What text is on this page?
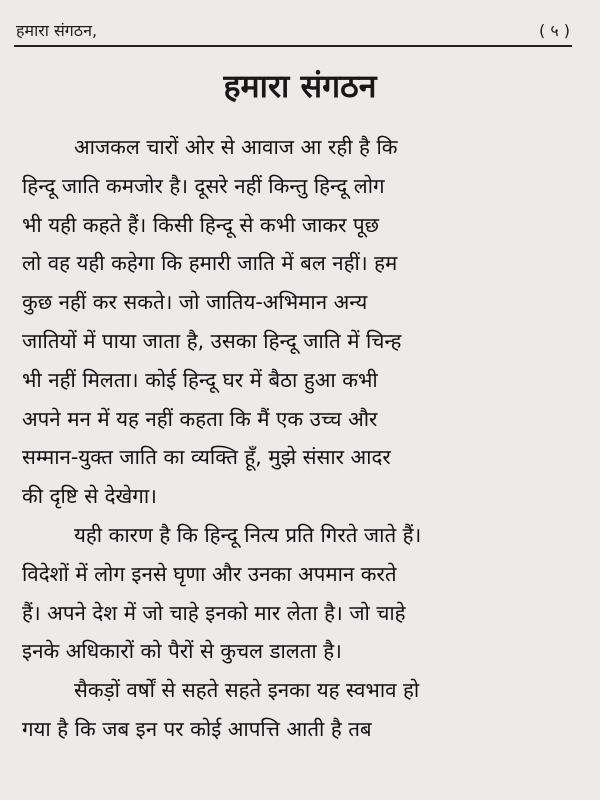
हमारा संगठन,	( ५ )
हमारा संगठन
आजकल चारों ओर से आवाज आ रही है कि
हिन्दू जाति कमजोर है। दूसरे नहीं किन्तु हिन्दू लोग
भी यही कहते हैं। किसी हिन्दू से कभी जाकर पूछ
लो वह यही कहेगा कि हमारी जाति में बल नहीं। हम
कुछ नहीं कर सकते। जो जातिय-अभिमान अन्य
जातियों में पाया जाता है, उसका हिन्दू जाति में चिन्ह
भी नहीं मिलता। कोई हिन्दू घर में बैठा हुआ कभी
अपने मन में यह नहीं कहता कि मैं एक उच्च और
सम्मान-युक्त जाति का व्यक्ति हूँ, मुझे संसार आदर
की दृष्टि से देखेगा।
यही कारण है कि हिन्दू नित्य प्रति गिरते जाते हैं।
विदेशों में लोग इनसे घृणा और उनका अपमान करते
हैं। अपने देश में जो चाहे इनको मार लेता है। जो चाहे
इनके अधिकारों को पैरों से कुचल डालता है।
सैकड़ों वर्षों से सहते सहते इनका यह स्वभाव हो
गया है कि जब इन पर कोई आपत्ति आती है तब
